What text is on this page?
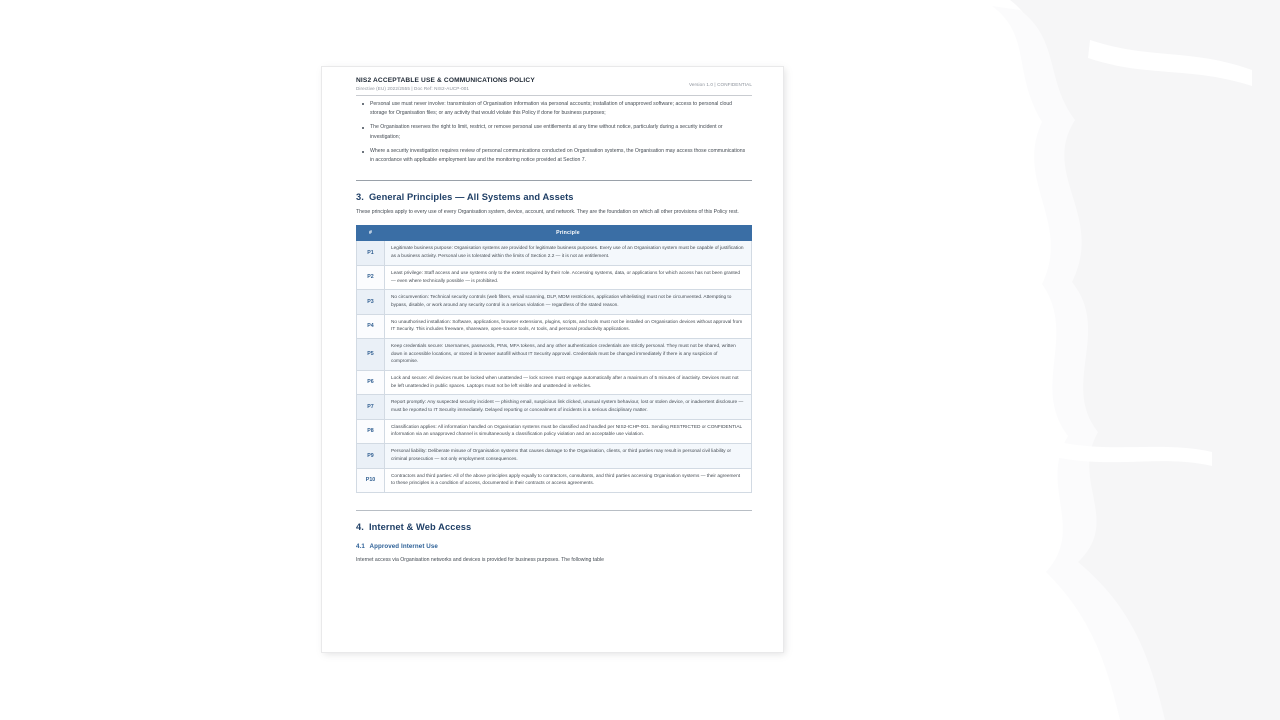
NIS2 ACCEPTABLE USE & COMMUNICATIONS POLICY
Directive (EU) 2022/2555 | Doc Ref: NIS2-AUCP-001
Version 1.0 | CONFIDENTIAL
Personal use must never involve: transmission of Organisation information via personal accounts; installation of unapproved software; access to personal cloud storage for Organisation files; or any activity that would violate this Policy if done for business purposes;
The Organisation reserves the right to limit, restrict, or remove personal use entitlements at any time without notice, particularly during a security incident or investigation;
Where a security investigation requires review of personal communications conducted on Organisation systems, the Organisation may access those communications in accordance with applicable employment law and the monitoring notice provided at Section 7.
3. General Principles — All Systems and Assets

These principles apply to every use of every Organisation system, device, account, and network. They are the foundation on which all other provisions of this Policy rest.

#	Principle
P1	Legitimate business purpose: Organisation systems are provided for legitimate business purposes. Every use of an Organisation system must be capable of justification as a business activity. Personal use is tolerated within the limits of Section 2.2 — it is not an entitlement.
P2	Least privilege: Staff access and use systems only to the extent required by their role. Accessing systems, data, or applications for which access has not been granted — even where technically possible — is prohibited.
P3	No circumvention: Technical security controls (web filters, email scanning, DLP, MDM restrictions, application whitelisting) must not be circumvented. Attempting to bypass, disable, or work around any security control is a serious violation — regardless of the stated reason.
P4	No unauthorised installation: Software, applications, browser extensions, plugins, scripts, and tools must not be installed on Organisation devices without approval from IT Security. This includes freeware, shareware, open-source tools, AI tools, and personal productivity applications.
P5	Keep credentials secure: Usernames, passwords, PINs, MFA tokens, and any other authentication credentials are strictly personal. They must not be shared, written down in accessible locations, or stored in browser autofill without IT Security approval. Credentials must be changed immediately if there is any suspicion of compromise.
P6	Lock and secure: All devices must be locked when unattended — lock screen must engage automatically after a maximum of 5 minutes of inactivity. Devices must not be left unattended in public spaces. Laptops must not be left visible and unattended in vehicles.
P7	Report promptly: Any suspected security incident — phishing email, suspicious link clicked, unusual system behaviour, lost or stolen device, or inadvertent disclosure — must be reported to IT Security immediately. Delayed reporting or concealment of incidents is a serious disciplinary matter.
P8	Classification applies: All information handled on Organisation systems must be classified and handled per NIS2-ICHP-001. Sending RESTRICTED or CONFIDENTIAL information via an unapproved channel is simultaneously a classification policy violation and an acceptable use violation.
P9	Personal liability: Deliberate misuse of Organisation systems that causes damage to the Organisation, clients, or third parties may result in personal civil liability or criminal prosecution — not only employment consequences.
P10	Contractors and third parties: All of the above principles apply equally to contractors, consultants, and third parties accessing Organisation systems — their agreement to these principles is a condition of access, documented in their contracts or access agreements.
4. Internet & Web Access
4.1 Approved Internet Use

Internet access via Organisation networks and devices is provided for business purposes. The following table
